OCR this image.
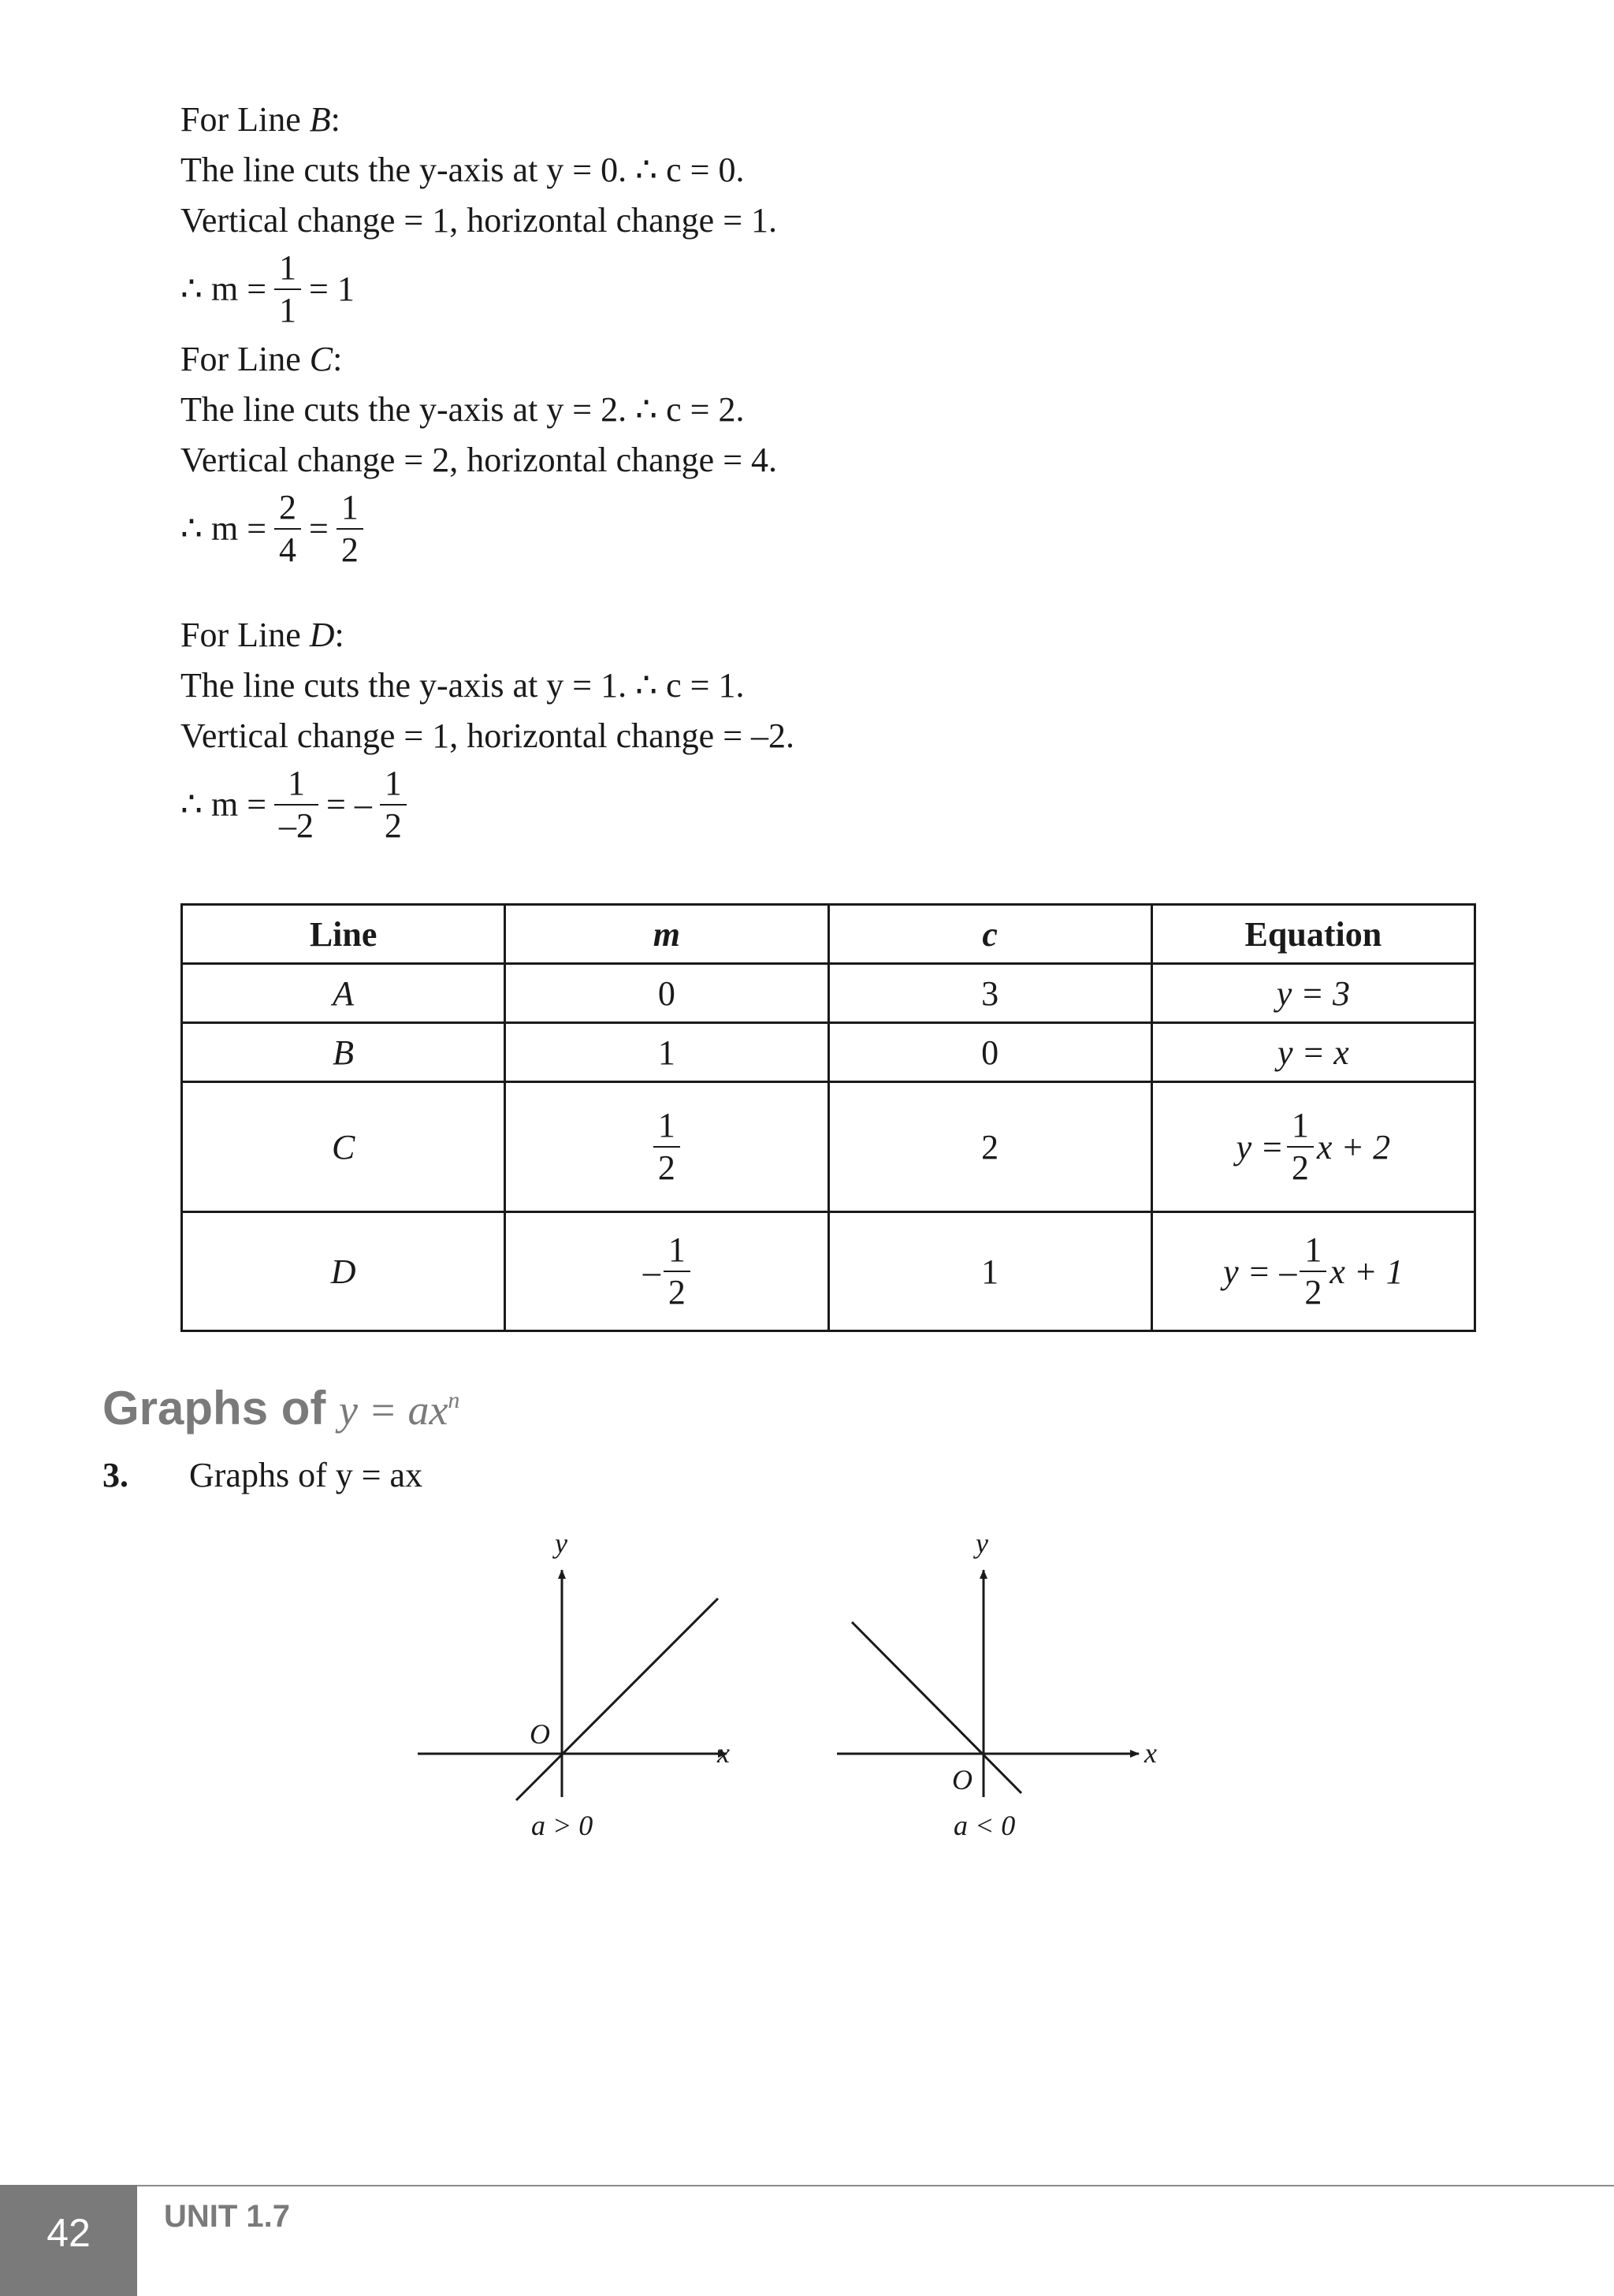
For Line B:

The line cuts the y-axis at y = 0. ∴ c = 0.

Vertical change = 1, horizontal change = 1.

∴ $m = \frac{1}{1} = 1$

For Line C:

The line cuts the y-axis at y = 2. ∴ c = 2.

Vertical change = 2, horizontal change = 4.

∴ $m = \frac{2}{4} = \frac{1}{2}$

For Line D:

The line cuts the y-axis at y = 1. ∴ c = 1.

Vertical change = 1, horizontal change = –2.

∴ $m = \frac{1}{-2}$ = – $\frac{1}{2}$

Line	m	c	Equation
A	0	3	y = 3
B	1	0	y = x
C	$\frac{1}{2}$	2	$y = \frac{1}{2}$ x + 2

D	– $\frac{1}{2}$	1	y = – $\frac{1}{2}$ x + 1
Graphs of $y = ax^n$
3. Graphs of y = ax
y
x
O
a > 0
y
x
O
a < 0
42	UNIT 1.7
